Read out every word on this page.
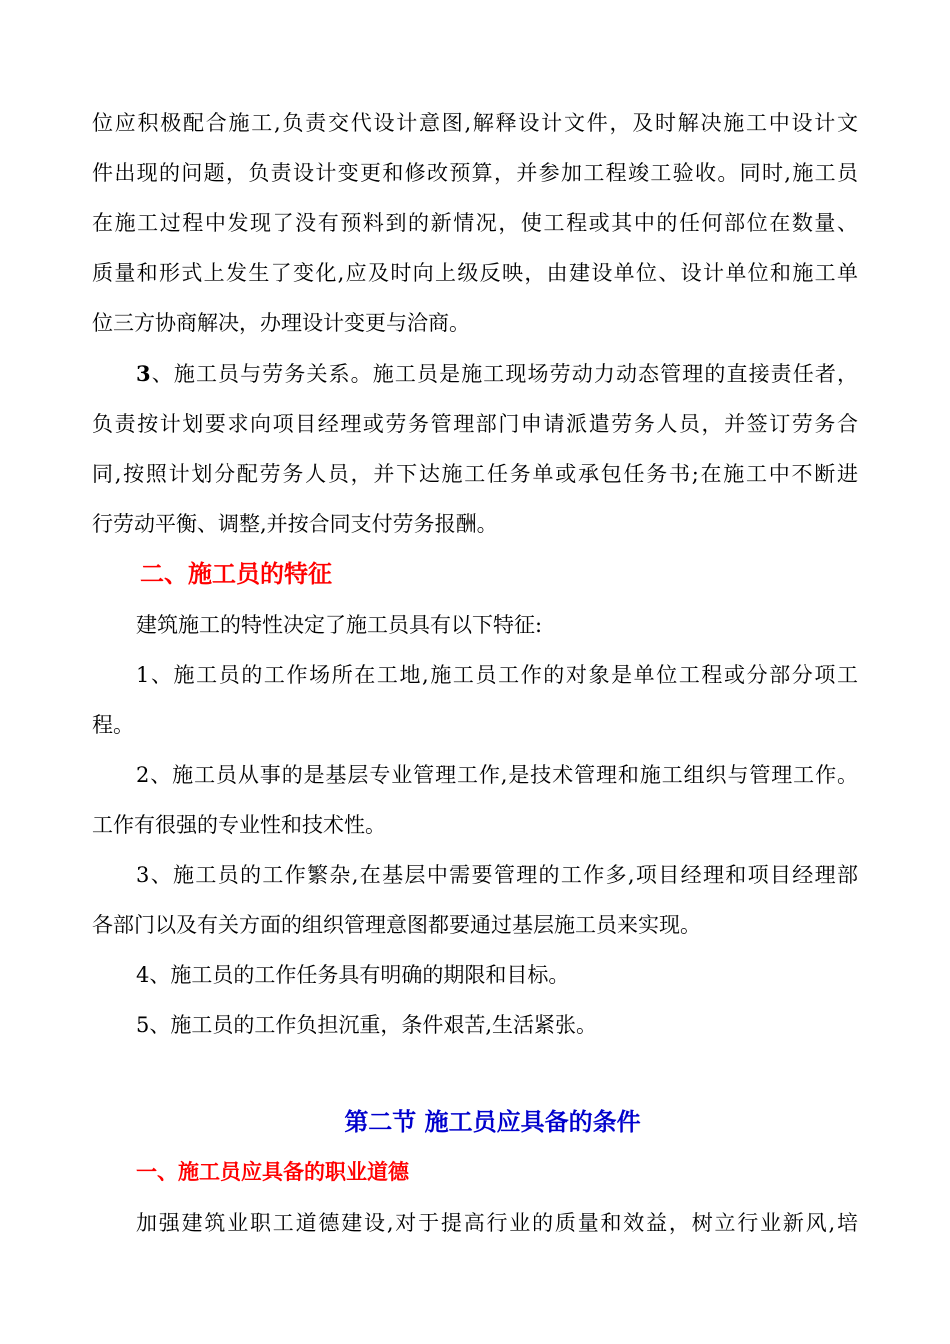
位应积极配合施工,负责交代设计意图,解释设计文件，及时解决施工中设计文
件出现的问题，负责设计变更和修改预算，并参加工程竣工验收。同时,施工员
在施工过程中发现了没有预料到的新情况，使工程或其中的任何部位在数量、
质量和形式上发生了变化,应及时向上级反映，由建设单位、设计单位和施工单
位三方协商解决，办理设计变更与洽商。
3、施工员与劳务关系。施工员是施工现场劳动力动态管理的直接责任者，
负责按计划要求向项目经理或劳务管理部门申请派遣劳务人员，并签订劳务合
同,按照计划分配劳务人员，并下达施工任务单或承包任务书;在施工中不断进
行劳动平衡、调整,并按合同支付劳务报酬。
二、施工员的特征
建筑施工的特性决定了施工员具有以下特征:
1、施工员的工作场所在工地,施工员工作的对象是单位工程或分部分项工
程。
2、施工员从事的是基层专业管理工作,是技术管理和施工组织与管理工作。
工作有很强的专业性和技术性。
3、施工员的工作繁杂,在基层中需要管理的工作多,项目经理和项目经理部
各部门以及有关方面的组织管理意图都要通过基层施工员来实现。
4、施工员的工作任务具有明确的期限和目标。
5、施工员的工作负担沉重，条件艰苦,生活紧张。
第二节 施工员应具备的条件
一、施工员应具备的职业道德
加强建筑业职工道德建设,对于提高行业的质量和效益，树立行业新风,培
